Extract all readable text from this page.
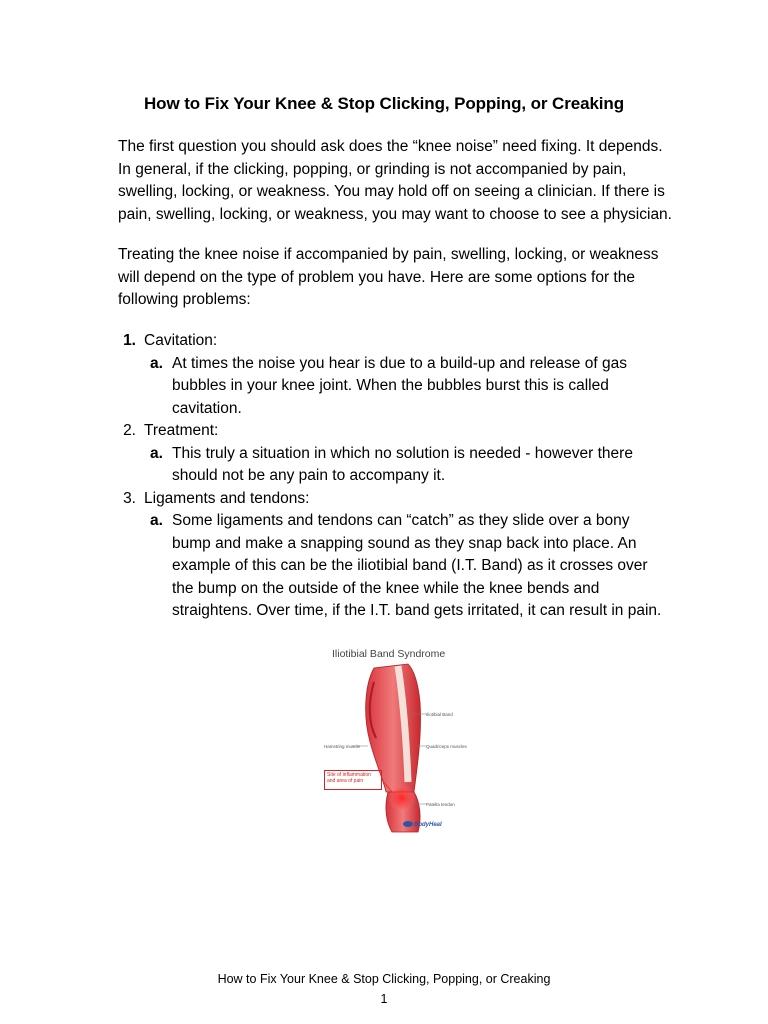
How to Fix Your Knee & Stop Clicking, Popping, or Creaking
The first question you should ask does the “knee noise” need fixing. It depends. In general, if the clicking, popping, or grinding is not accompanied by pain, swelling, locking, or weakness. You may hold off on seeing a clinician. If there is pain, swelling, locking, or weakness, you may want to choose to see a physician.
Treating the knee noise if accompanied by pain, swelling, locking, or weakness will depend on the type of problem you have. Here are some options for the following problems:
1. Cavitation:
a. At times the noise you hear is due to a build-up and release of gas bubbles in your knee joint. When the bubbles burst this is called cavitation.
2. Treatment:
a. This truly a situation in which no solution is needed - however there should not be any pain to accompany it.
3. Ligaments and tendons:
a. Some ligaments and tendons can “catch” as they slide over a bony bump and make a snapping sound as they snap back into place. An example of this can be the iliotibial band (I.T. Band) as it crosses over the bump on the outside of the knee while the knee bends and straightens. Over time, if the I.T. band gets irritated, it can result in pain.
Iliotibial Band Syndrome
Iliotibial Band
Hamstring muscle	Quadriceps muscles
Patella tendon
Site of inflammation and area of pain
BodyHeal
How to Fix Your Knee & Stop Clicking, Popping, or Creaking
1
